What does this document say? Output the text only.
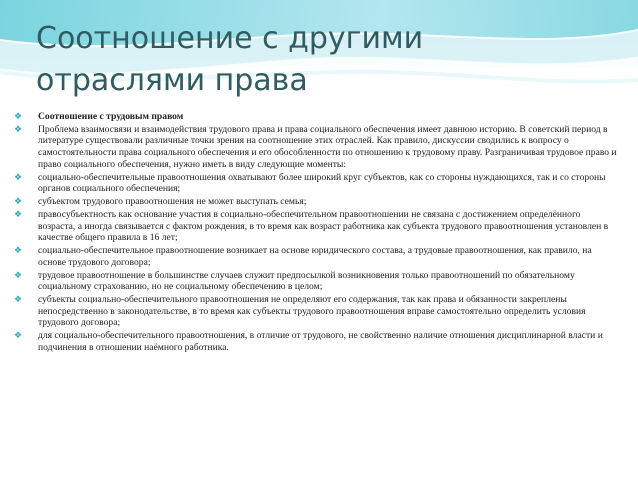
Соотношение с другими
отраслями права
❖	Соотношение с трудовым правом
❖	Проблема взаимосвязи и взаимодействия трудового права и права социального обеспечения имеет давнюю историю. В советский период в литературе существовали различные точки зрения на соотношение этих отраслей. Как правило, дискуссии сводились к вопросу о самостоятельности права социального обеспечения и его обособленности по отношению к трудовому праву. Разграничивая трудовое право и право социального обеспечения, нужно иметь в виду следующие моменты:
❖	социально-обеспечительные правоотношения охватывают более широкий круг субъектов, как со стороны нуждающихся, так и со стороны органов социального обеспечения;
❖	субъектом трудового правоотношения не может выступать семья;
❖	правосубъектность как основание участия в социально-обеспечительном правоотношении не связана с достижением определённого возраста, а иногда связывается с фактом рождения, в то время как возраст работника как субъекта трудового правоотношения установлен в качестве общего правила в 16 лет;
❖	социально-обеспечительное правоотношение возникает на основе юридического состава, а трудовые правоотношения, как правило, на основе трудового договора;
❖	трудовое правоотношение в большинстве случаев служит предпосылкой возникновения только правоотношений по обязательному социальному страхованию, но не социальному обеспечению в целом;
❖	субъекты социально-обеспечительного правоотношения не определяют его содержания, так как права и обязанности закреплены непосредственно в законодательстве, в то время как субъекты трудового правоотношения вправе самостоятельно определить условия трудового договора;
❖	для социально-обеспечительного правоотношения, в отличие от трудового, не свойственно наличие отношения дисциплинарной власти и подчинения в отношении наёмного работника.
